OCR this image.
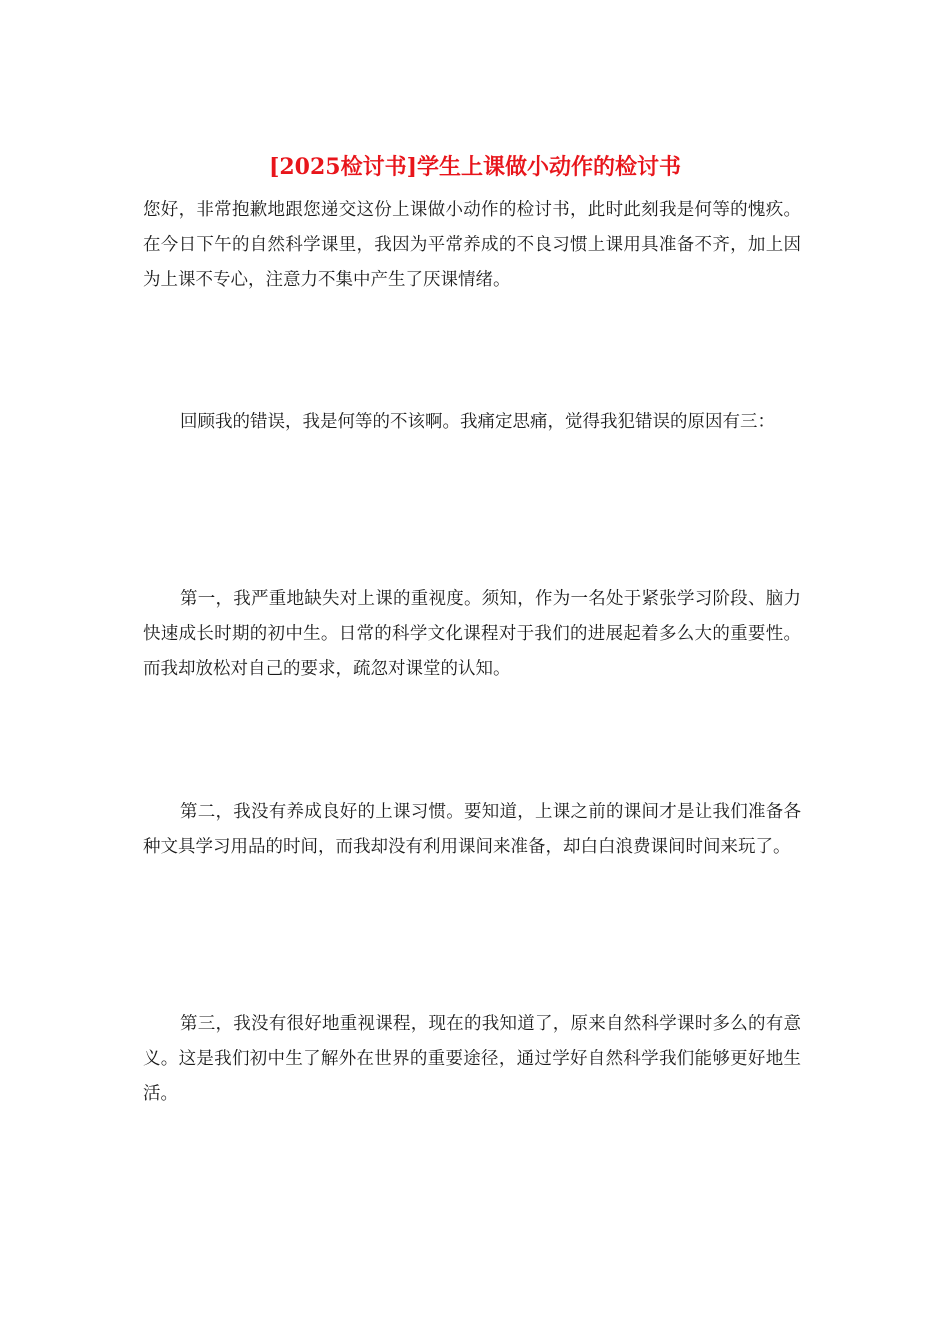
[2025检讨书]学生上课做小动作的检讨书

您好，非常抱歉地跟您递交这份上课做小动作的检讨书，此时此刻我是何等的愧疚。在今日下午的自然科学课里，我因为平常养成的不良习惯上课用具准备不齐，加上因为上课不专心，注意力不集中产生了厌课情绪。

回顾我的错误，我是何等的不该啊。我痛定思痛，觉得我犯错误的原因有三：

第一，我严重地缺失对上课的重视度。须知，作为一名处于紧张学习阶段、脑力快速成长时期的初中生。日常的科学文化课程对于我们的进展起着多么大的重要性。而我却放松对自己的要求，疏忽对课堂的认知。

第二，我没有养成良好的上课习惯。要知道，上课之前的课间才是让我们准备各种文具学习用品的时间，而我却没有利用课间来准备，却白白浪费课间时间来玩了。

第三，我没有很好地重视课程，现在的我知道了，原来自然科学课时多么的有意义。这是我们初中生了解外在世界的重要途径，通过学好自然科学我们能够更好地生活。
